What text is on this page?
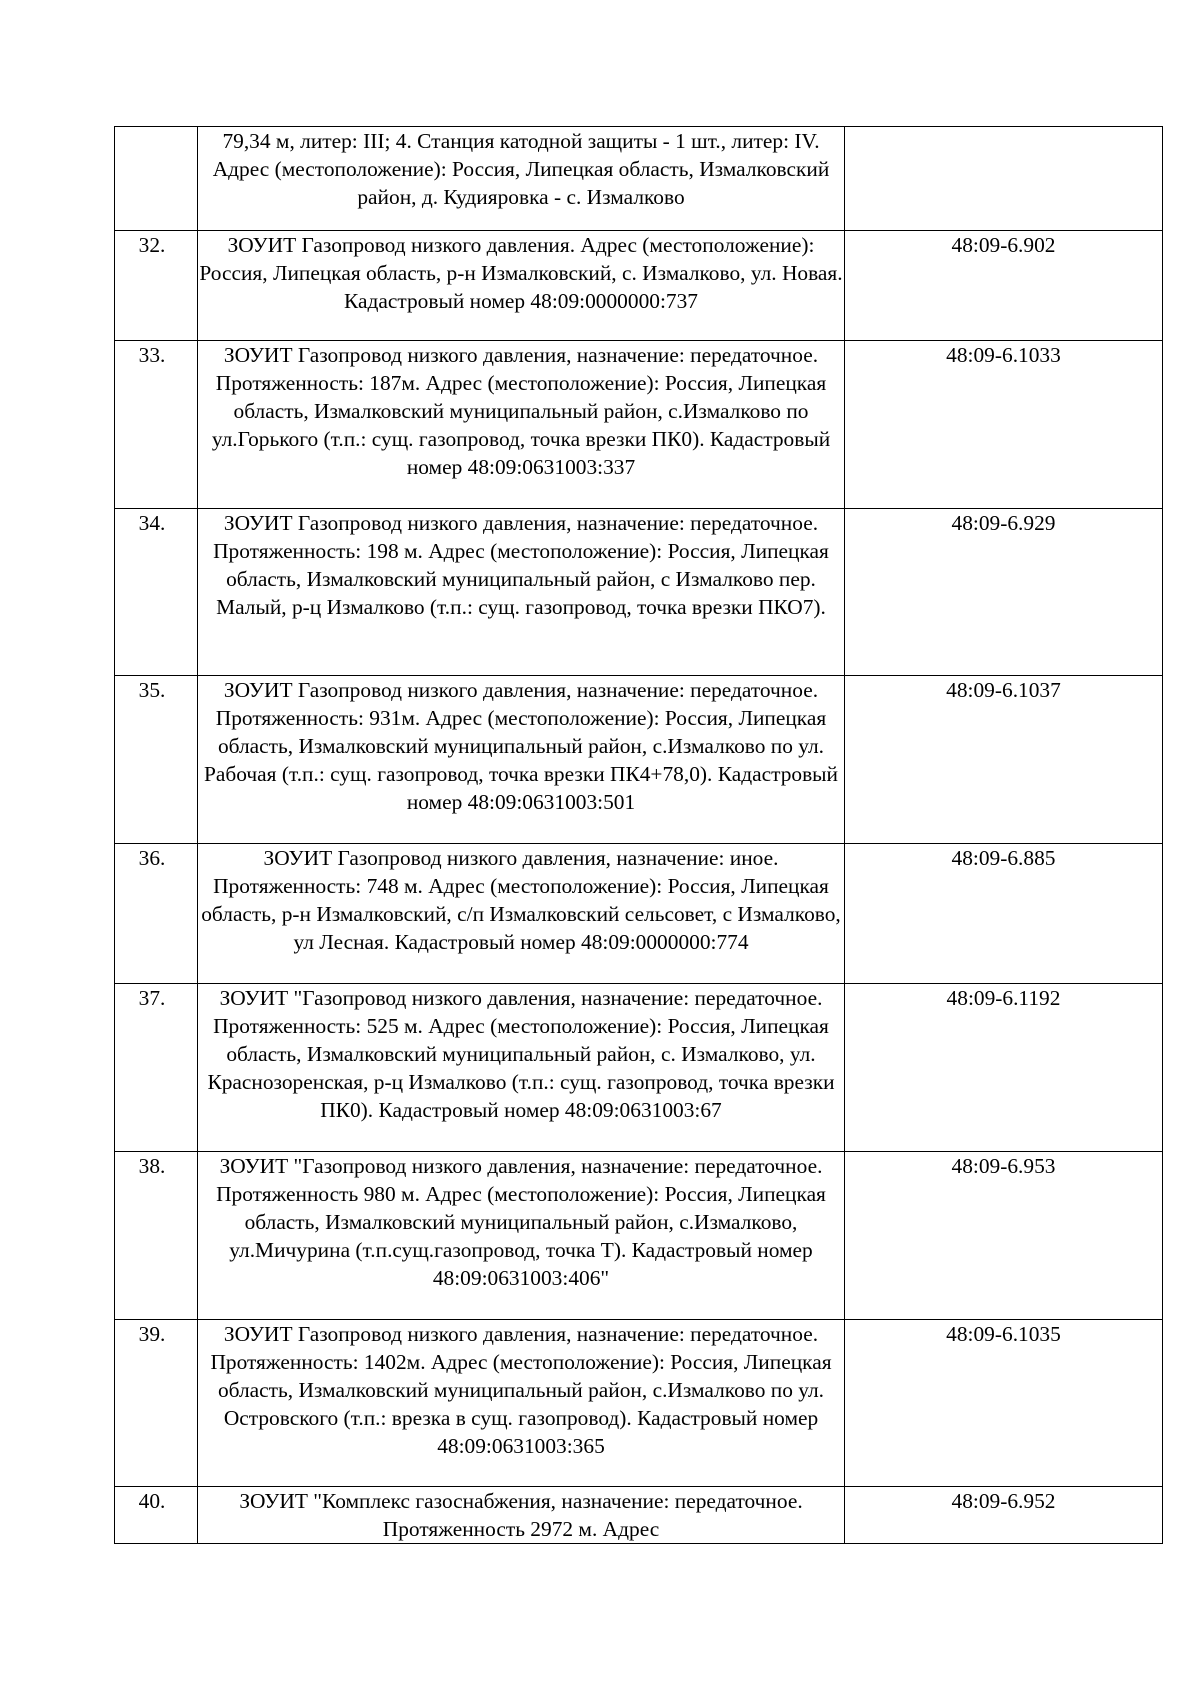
	79,34 м, литер: III; 4. Станция катодной защиты - 1 шт., литер: IV. Адрес (местоположение): Россия, Липецкая область, Измалковский район, д. Кудияровка - с. Измалково	

32.	ЗОУИТ Газопровод низкого давления. Адрес (местоположение): Россия, Липецкая область, р-н Измалковский, с. Измалково, ул. Новая. Кадастровый номер 48:09:0000000:737	48:09-6.902
33.	ЗОУИТ Газопровод низкого давления, назначение: передаточное. Протяженность: 187м. Адрес (местоположение): Россия, Липецкая область, Измалковский муниципальный район, с.Измалково по ул.Горького (т.п.: сущ. газопровод, точка врезки ПК0). Кадастровый номер 48:09:0631003:337	48:09-6.1033
34.	ЗОУИТ Газопровод низкого давления, назначение: передаточное. Протяженность: 198 м. Адрес (местоположение): Россия, Липецкая область, Измалковский муниципальный район, с Измалково пер. Малый, р-ц Измалково (т.п.: сущ. газопровод, точка врезки ПКО7).	48:09-6.929
35.	ЗОУИТ Газопровод низкого давления, назначение: передаточное. Протяженность: 931м. Адрес (местоположение): Россия, Липецкая область, Измалковский муниципальный район, с.Измалково по ул. Рабочая (т.п.: сущ. газопровод, точка врезки ПК4+78,0). Кадастровый номер 48:09:0631003:501	48:09-6.1037
36.	ЗОУИТ Газопровод низкого давления, назначение: иное. Протяженность: 748 м. Адрес (местоположение): Россия, Липецкая область, р-н Измалковский, с/п Измалковский сельсовет, с Измалково, ул Лесная. Кадастровый номер 48:09:0000000:774	48:09-6.885
37.	ЗОУИТ "Газопровод низкого давления, назначение: передаточное. Протяженность: 525 м. Адрес (местоположение): Россия, Липецкая область, Измалковский муниципальный район, с. Измалково, ул. Краснозоренская, р-ц Измалково (т.п.: сущ. газопровод, точка врезки ПК0). Кадастровый номер 48:09:0631003:67	48:09-6.1192
38.	ЗОУИТ "Газопровод низкого давления, назначение: передаточное. Протяженность 980 м. Адрес (местоположение): Россия, Липецкая область, Измалковский муниципальный район, с.Измалково, ул.Мичурина (т.п.сущ.газопровод, точка Т). Кадастровый номер 48:09:0631003:406"	48:09-6.953
39.	ЗОУИТ Газопровод низкого давления, назначение: передаточное. Протяженность: 1402м. Адрес (местоположение): Россия, Липецкая область, Измалковский муниципальный район, с.Измалково по ул. Островского (т.п.: врезка в сущ. газопровод). Кадастровый номер 48:09:0631003:365	48:09-6.1035
40.	ЗОУИТ "Комплекс газоснабжения, назначение: передаточное. Протяженность 2972 м. Адрес	48:09-6.952
